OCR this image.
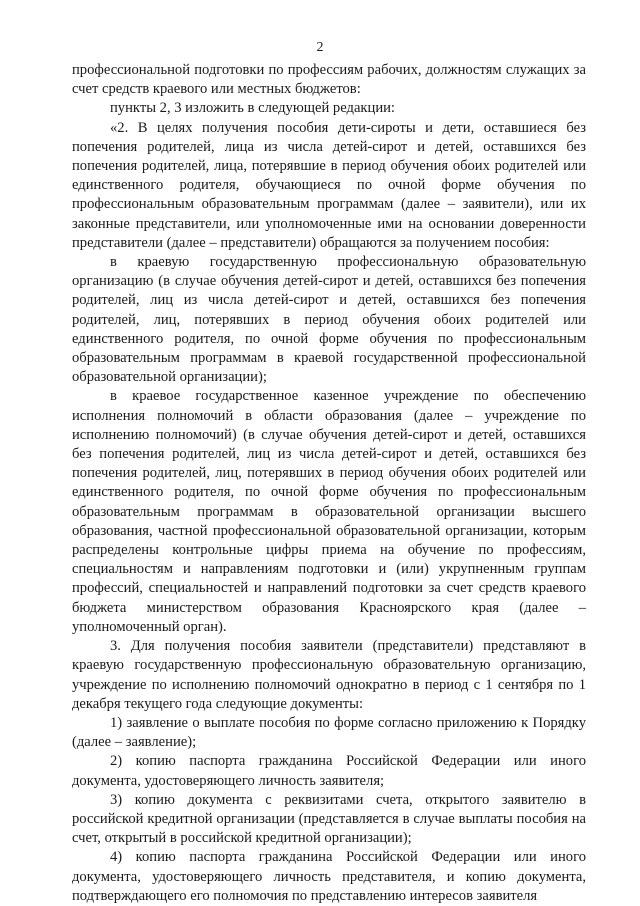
2

профессиональной подготовки по профессиям рабочих, должностям служащих за счет средств краевого или местных бюджетов:

пункты 2, 3 изложить в следующей редакции:

«2. В целях получения пособия дети-сироты и дети, оставшиеся без попечения родителей, лица из числа детей-сирот и детей, оставшихся без попечения родителей, лица, потерявшие в период обучения обоих родителей или единственного родителя, обучающиеся по очной форме обучения по профессиональным образовательным программам (далее – заявители), или их законные представители, или уполномоченные ими на основании доверенности представители (далее – представители) обращаются за получением пособия:

в краевую государственную профессиональную образовательную организацию (в случае обучения детей-сирот и детей, оставшихся без попечения родителей, лиц из числа детей-сирот и детей, оставшихся без попечения родителей, лиц, потерявших в период обучения обоих родителей или единственного родителя, по очной форме обучения по профессиональным образовательным программам в краевой государственной профессиональной образовательной организации);

в краевое государственное казенное учреждение по обеспечению исполнения полномочий в области образования (далее – учреждение по исполнению полномочий) (в случае обучения детей-сирот и детей, оставшихся без попечения родителей, лиц из числа детей-сирот и детей, оставшихся без попечения родителей, лиц, потерявших в период обучения обоих родителей или единственного родителя, по очной форме обучения по профессиональным образовательным программам в образовательной организации высшего образования, частной профессиональной образовательной организации, которым распределены контрольные цифры приема на обучение по профессиям, специальностям и направлениям подготовки и (или) укрупненным группам профессий, специальностей и направлений подготовки за счет средств краевого бюджета министерством образования Красноярского края (далее – уполномоченный орган).

3. Для получения пособия заявители (представители) представляют в краевую государственную профессиональную образовательную организацию, учреждение по исполнению полномочий однократно в период с 1 сентября по 1 декабря текущего года следующие документы:

1) заявление о выплате пособия по форме согласно приложению к Порядку (далее – заявление);

2) копию паспорта гражданина Российской Федерации или иного документа, удостоверяющего личность заявителя;

3) копию документа с реквизитами счета, открытого заявителю в российской кредитной организации (представляется в случае выплаты пособия на счет, открытый в российской кредитной организации);

4) копию паспорта гражданина Российской Федерации или иного документа, удостоверяющего личность представителя, и копию документа, подтверждающего его полномочия по представлению интересов заявителя
